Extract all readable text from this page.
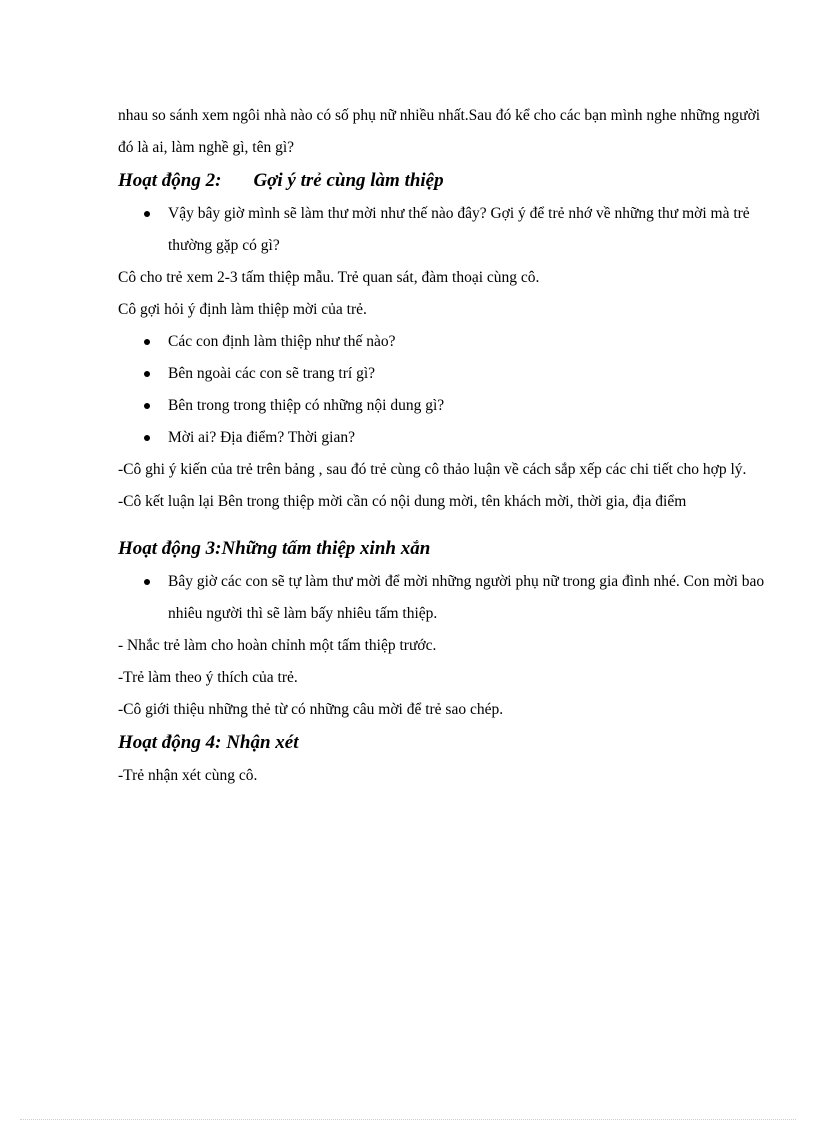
nhau so sánh xem ngôi nhà nào có số phụ nữ nhiều nhất.Sau đó kể cho các bạn mình nghe những người đó là ai, làm nghề gì, tên gì?

Hoạt động 2: Gợi ý trẻ cùng làm thiệp
Vậy bây giờ mình sẽ làm thư mời như thế nào đây? Gợi ý để trẻ nhớ về những thư mời mà trẻ thường gặp có gì?

Cô cho trẻ xem 2-3 tấm thiệp mẫu. Trẻ quan sát, đàm thoại cùng cô.

Cô gợi hỏi ý định làm thiệp mời của trẻ.

Các con định làm thiệp như thế nào?
Bên ngoài các con sẽ trang trí gì?
Bên trong trong thiệp có những nội dung gì?
Mời ai? Địa điểm? Thời gian?

-Cô ghi ý kiến của trẻ trên bảng , sau đó trẻ cùng cô thảo luận về cách sắp xếp các chi tiết cho hợp lý.

-Cô kết luận lại Bên trong thiệp mời cần có nội dung mời, tên khách mời, thời gia, địa điểm

Hoạt động 3:Những tấm thiệp xinh xắn
Bây giờ các con sẽ tự làm thư mời để mời những người phụ nữ trong gia đình nhé. Con mời bao nhiêu người thì sẽ làm bấy nhiêu tấm thiệp.

- Nhắc trẻ làm cho hoàn chỉnh một tấm thiệp trước.

-Trẻ làm theo ý thích của trẻ.

-Cô giới thiệu những thẻ từ có những câu mời để trẻ sao chép.

Hoạt động 4: Nhận xét

-Trẻ nhận xét cùng cô.
